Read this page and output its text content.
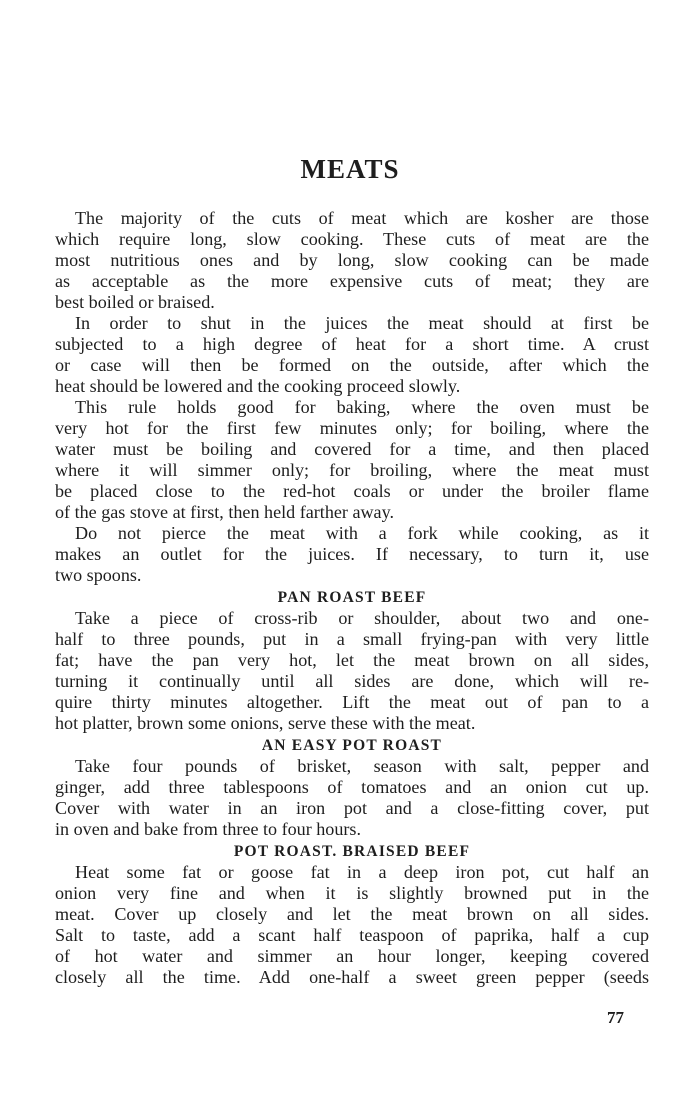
MEATS

The majority of the cuts of meat which are kosher are those
which require long, slow cooking. These cuts of meat are the
most nutritious ones and by long, slow cooking can be made
as acceptable as the more expensive cuts of meat; they are
best boiled or braised.

In order to shut in the juices the meat should at first be
subjected to a high degree of heat for a short time. A crust
or case will then be formed on the outside, after which the
heat should be lowered and the cooking proceed slowly.

This rule holds good for baking, where the oven must be
very hot for the first few minutes only; for boiling, where the
water must be boiling and covered for a time, and then placed
where it will simmer only; for broiling, where the meat must
be placed close to the red-hot coals or under the broiler flame
of the gas stove at first, then held farther away.

Do not pierce the meat with a fork while cooking, as it
makes an outlet for the juices. If necessary, to turn it, use
two spoons.

PAN ROAST BEEF

Take a piece of cross-rib or shoulder, about two and one-
half to three pounds, put in a small frying-pan with very little
fat; have the pan very hot, let the meat brown on all sides,
turning it continually until all sides are done, which will re-
quire thirty minutes altogether. Lift the meat out of pan to a
hot platter, brown some onions, serve these with the meat.

AN EASY POT ROAST

Take four pounds of brisket, season with salt, pepper and
ginger, add three tablespoons of tomatoes and an onion cut up.
Cover with water in an iron pot and a close-fitting cover, put
in oven and bake from three to four hours.

POT ROAST. BRAISED BEEF

Heat some fat or goose fat in a deep iron pot, cut half an
onion very fine and when it is slightly browned put in the
meat. Cover up closely and let the meat brown on all sides.
Salt to taste, add a scant half teaspoon of paprika, half a cup
of hot water and simmer an hour longer, keeping covered
closely all the time. Add one-half a sweet green pepper (seeds

77
